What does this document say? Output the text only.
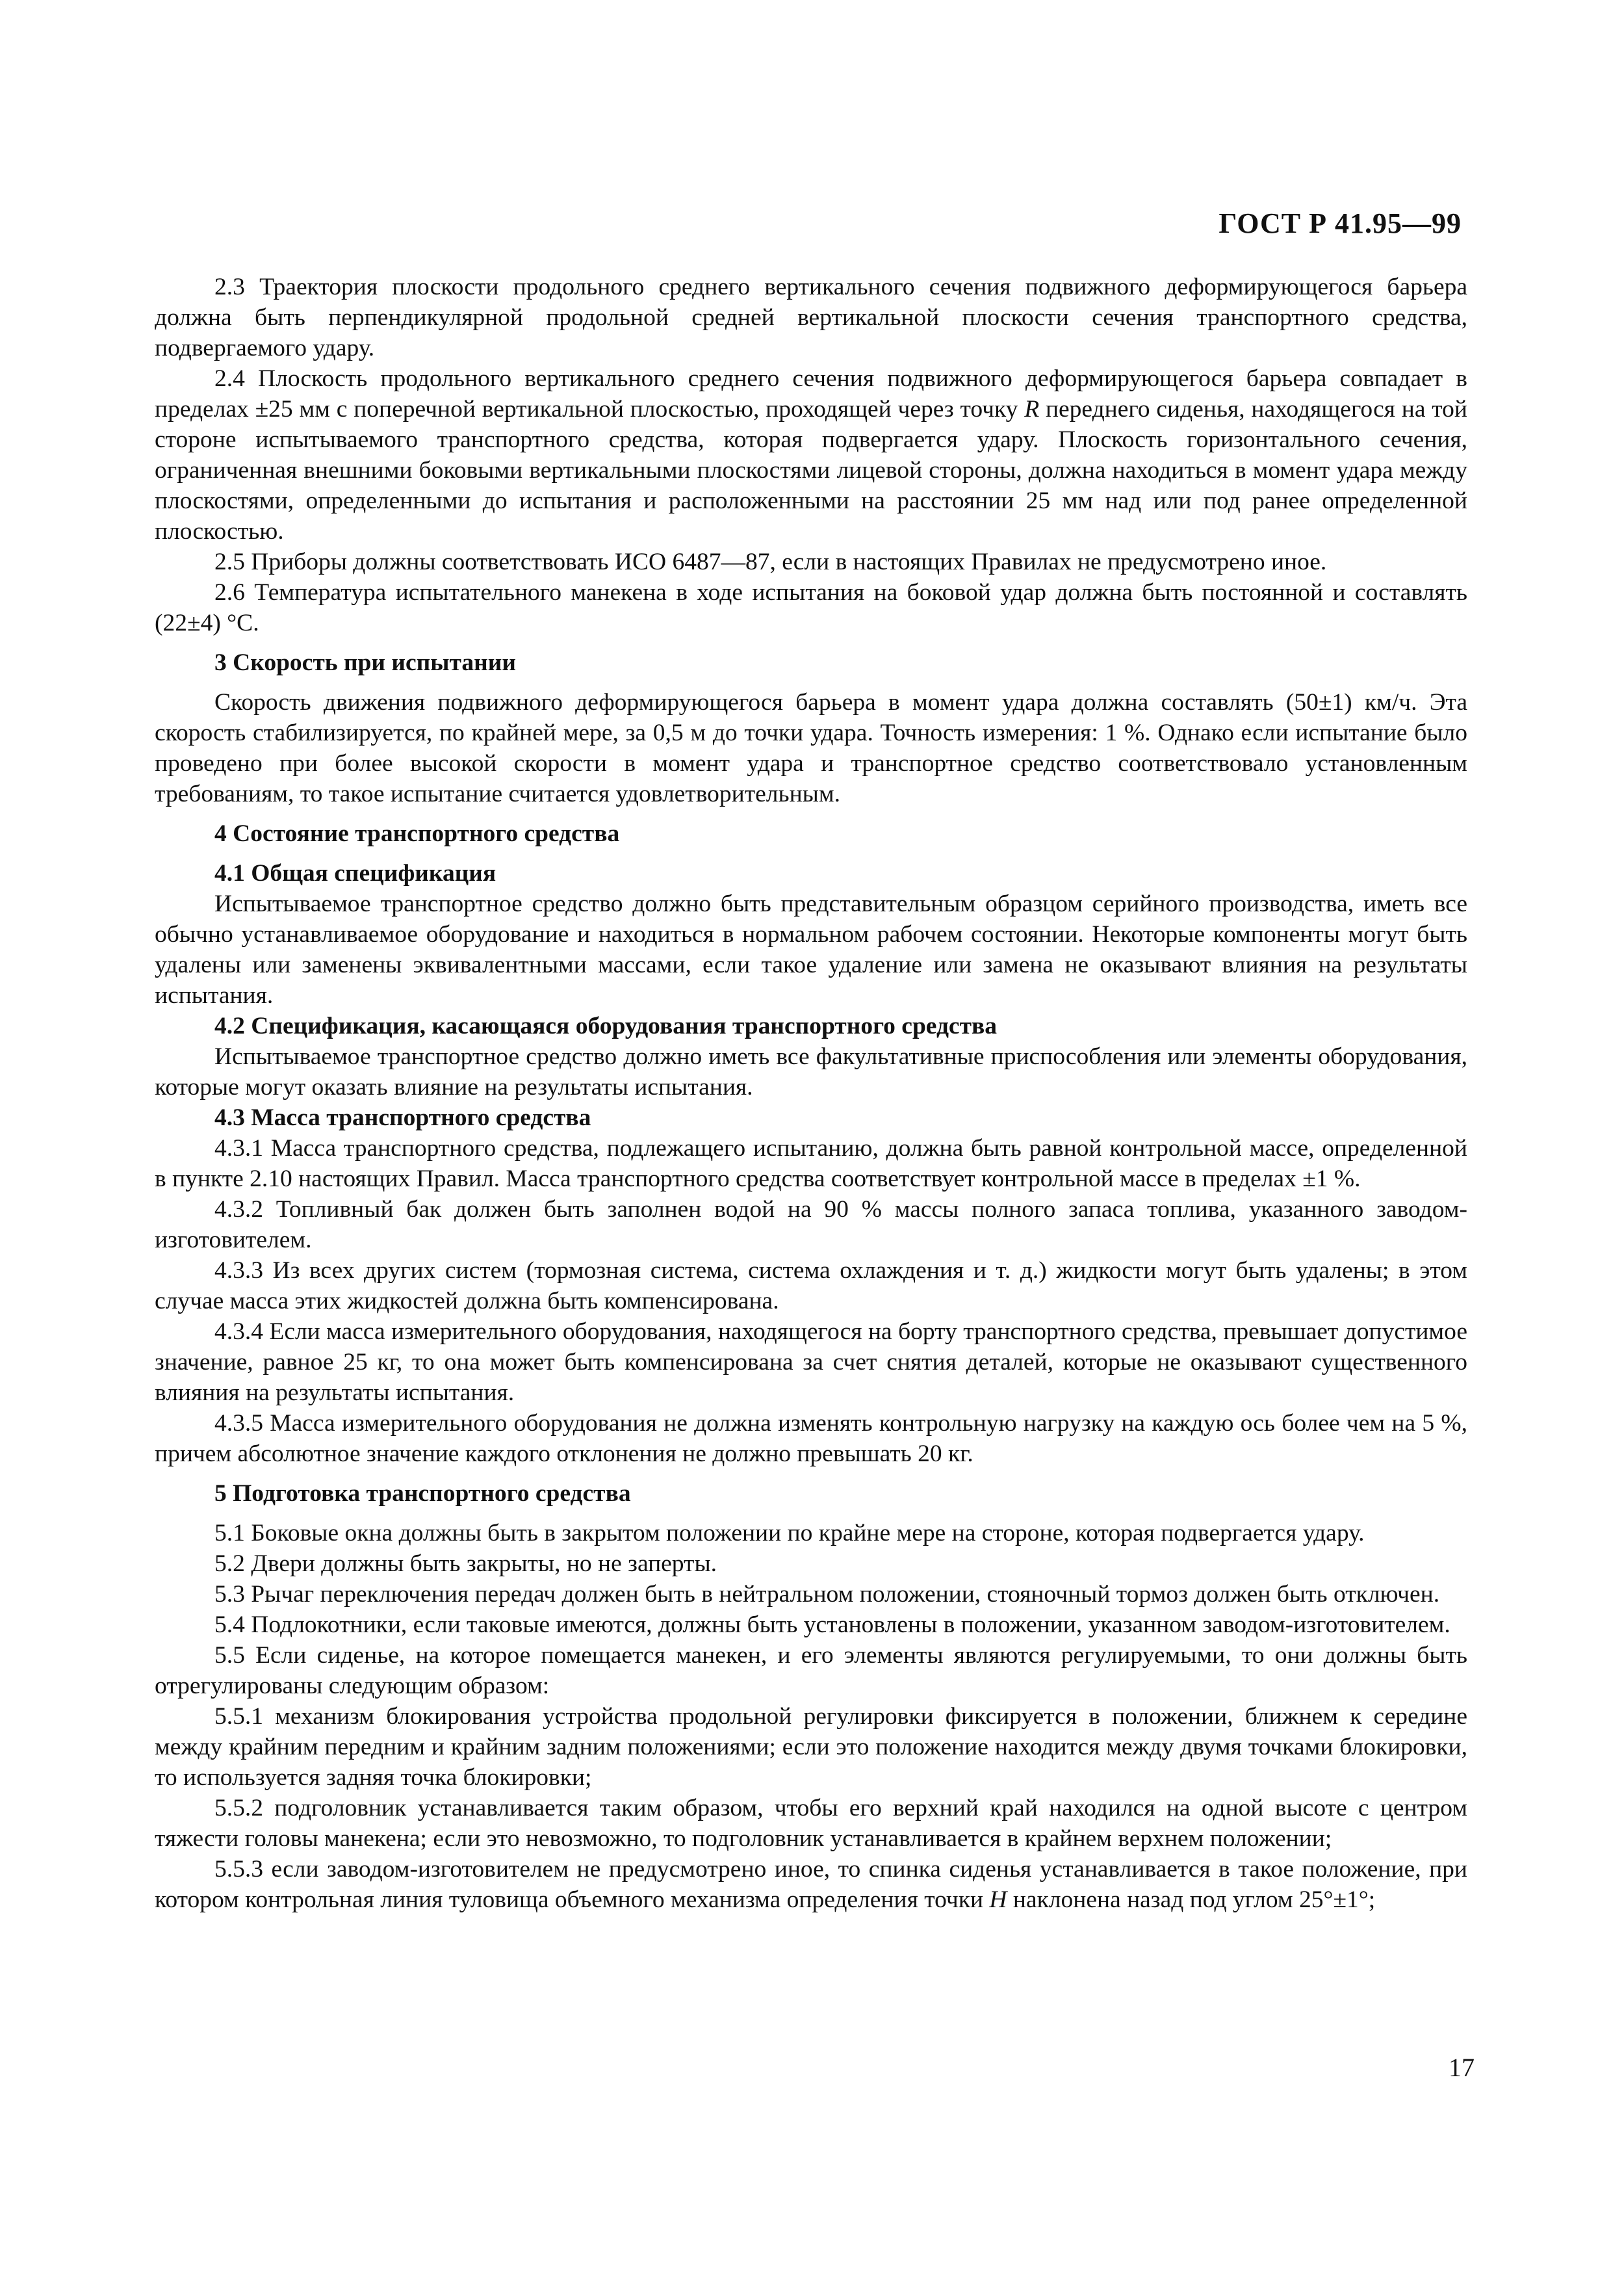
ГОСТ Р 41.95—99

2.3 Траектория плоскости продольного среднего вертикального сечения подвижного деформирующегося барьера должна быть перпендикулярной продольной средней вертикальной плоскости сечения транспортного средства, подвергаемого удару.

2.4 Плоскость продольного вертикального среднего сечения подвижного деформирующегося барьера совпадает в пределах ±25 мм с поперечной вертикальной плоскостью, проходящей через точку R переднего сиденья, находящегося на той стороне испытываемого транспортного средства, которая подвергается удару. Плоскость горизонтального сечения, ограниченная внешними боковыми вертикальными плоскостями лицевой стороны, должна находиться в момент удара между плоскостями, определенными до испытания и расположенными на расстоянии 25 мм над или под ранее определенной плоскостью.

2.5 Приборы должны соответствовать ИСО 6487—87, если в настоящих Правилах не предусмотрено иное.

2.6 Температура испытательного манекена в ходе испытания на боковой удар должна быть постоянной и составлять (22±4) °С.

3 Скорость при испытании

Скорость движения подвижного деформирующегося барьера в момент удара должна составлять (50±1) км/ч. Эта скорость стабилизируется, по крайней мере, за 0,5 м до точки удара. Точность измерения: 1 %. Однако если испытание было проведено при более высокой скорости в момент удара и транспортное средство соответствовало установленным требованиям, то такое испытание считается удовлетворительным.

4 Состояние транспортного средства
4.1 Общая спецификация

Испытываемое транспортное средство должно быть представительным образцом серийного производства, иметь все обычно устанавливаемое оборудование и находиться в нормальном рабочем состоянии. Некоторые компоненты могут быть удалены или заменены эквивалентными массами, если такое удаление или замена не оказывают влияния на результаты испытания.

4.2 Спецификация, касающаяся оборудования транспортного средства

Испытываемое транспортное средство должно иметь все факультативные приспособления или элементы оборудования, которые могут оказать влияние на результаты испытания.

4.3 Масса транспортного средства

4.3.1 Масса транспортного средства, подлежащего испытанию, должна быть равной контрольной массе, определенной в пункте 2.10 настоящих Правил. Масса транспортного средства соответствует контрольной массе в пределах ±1 %.

4.3.2 Топливный бак должен быть заполнен водой на 90 % массы полного запаса топлива, указанного заводом-изготовителем.

4.3.3 Из всех других систем (тормозная система, система охлаждения и т. д.) жидкости могут быть удалены; в этом случае масса этих жидкостей должна быть компенсирована.

4.3.4 Если масса измерительного оборудования, находящегося на борту транспортного средства, превышает допустимое значение, равное 25 кг, то она может быть компенсирована за счет снятия деталей, которые не оказывают существенного влияния на результаты испытания.

4.3.5 Масса измерительного оборудования не должна изменять контрольную нагрузку на каждую ось более чем на 5 %, причем абсолютное значение каждого отклонения не должно превышать 20 кг.

5 Подготовка транспортного средства

5.1 Боковые окна должны быть в закрытом положении по крайне мере на стороне, которая подвергается удару.

5.2 Двери должны быть закрыты, но не заперты.

5.3 Рычаг переключения передач должен быть в нейтральном положении, стояночный тормоз должен быть отключен.

5.4 Подлокотники, если таковые имеются, должны быть установлены в положении, указанном заводом-изготовителем.

5.5 Если сиденье, на которое помещается манекен, и его элементы являются регулируемыми, то они должны быть отрегулированы следующим образом:

5.5.1 механизм блокирования устройства продольной регулировки фиксируется в положении, ближнем к середине между крайним передним и крайним задним положениями; если это положение находится между двумя точками блокировки, то используется задняя точка блокировки;

5.5.2 подголовник устанавливается таким образом, чтобы его верхний край находился на одной высоте с центром тяжести головы манекена; если это невозможно, то подголовник устанавливается в крайнем верхнем положении;

5.5.3 если заводом-изготовителем не предусмотрено иное, то спинка сиденья устанавливается в такое положение, при котором контрольная линия туловища объемного механизма определения точки H наклонена назад под углом 25°±1°;

17
